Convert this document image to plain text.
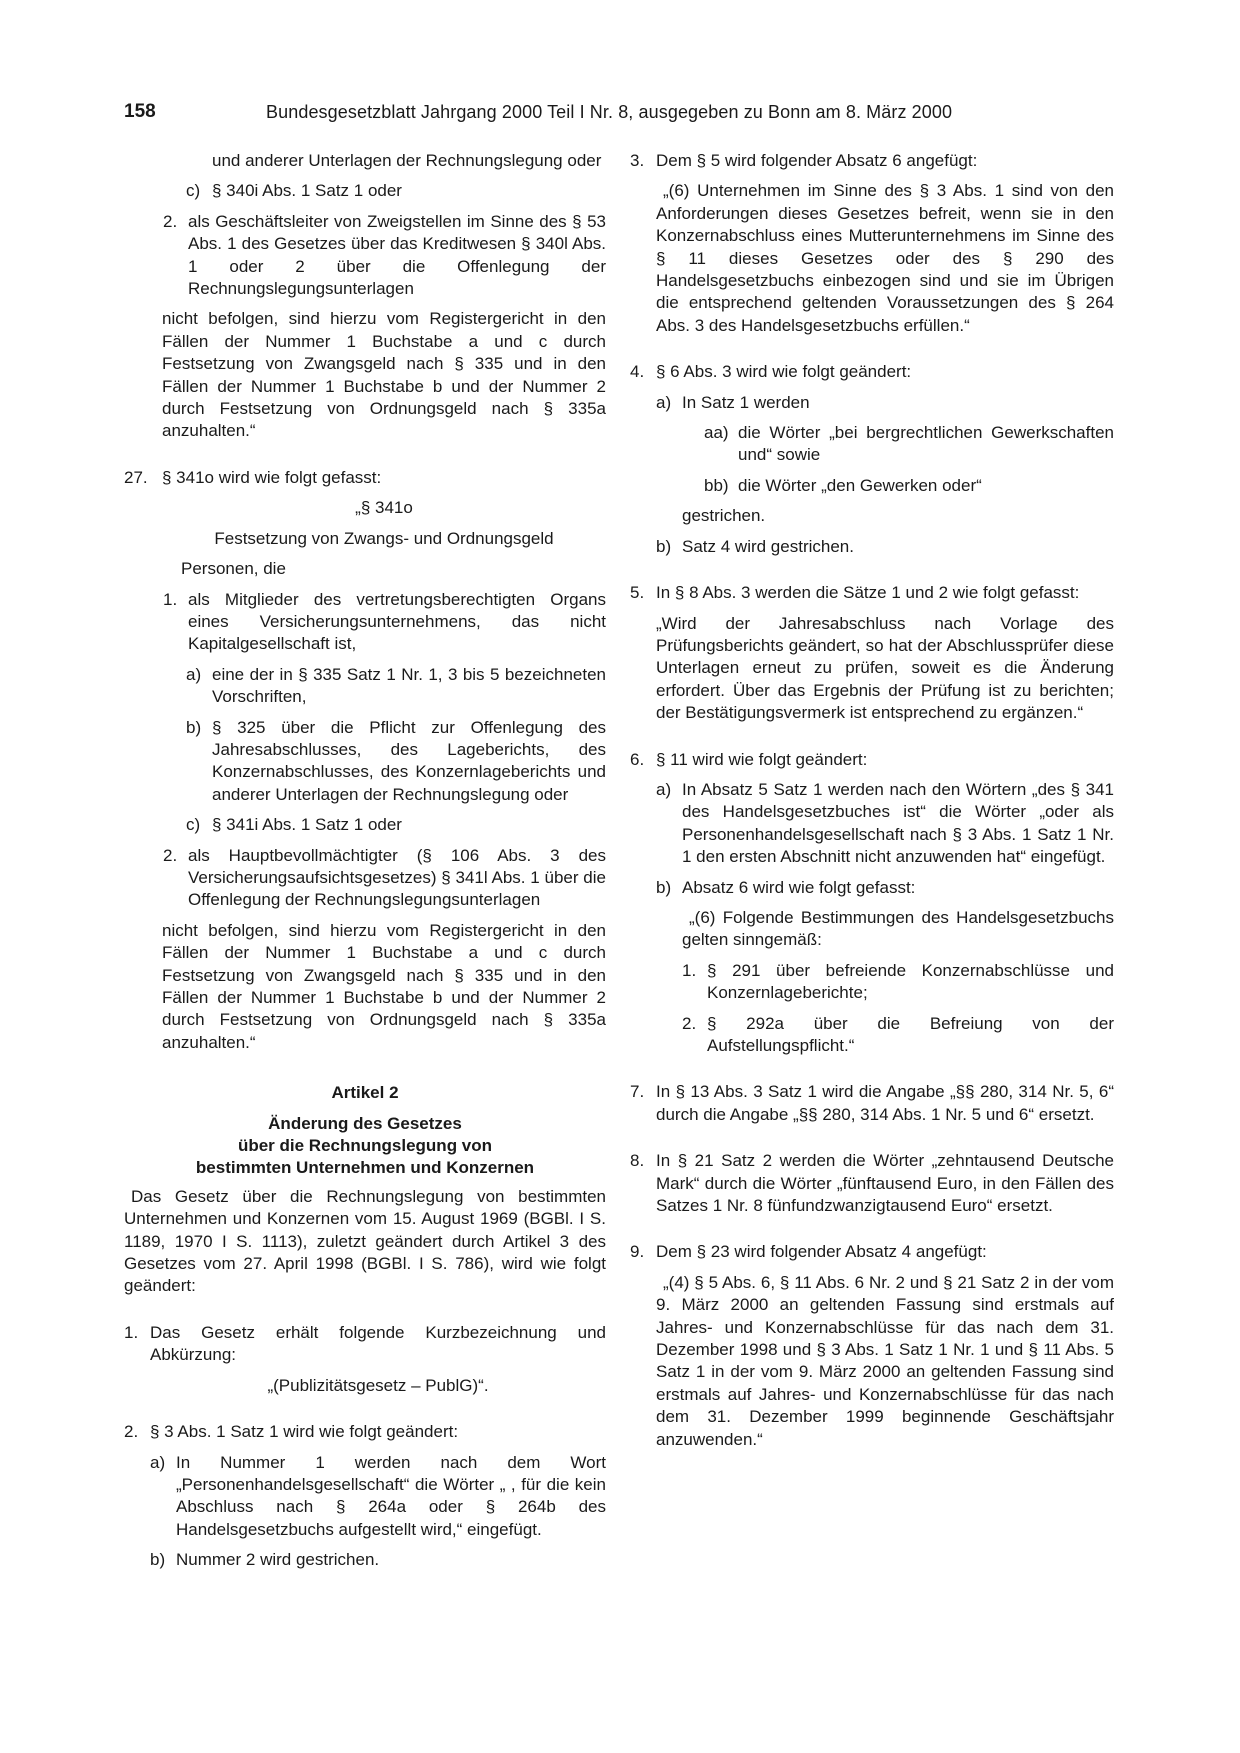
158	Bundesgesetzblatt Jahrgang 2000 Teil I Nr. 8, ausgegeben zu Bonn am 8. März 2000
und anderer Unterlagen der Rechnungslegung oder
c) § 340i Abs. 1 Satz 1 oder
2. als Geschäftsleiter von Zweigstellen im Sinne des § 53 Abs. 1 des Gesetzes über das Kreditwesen § 340l Abs. 1 oder 2 über die Offenlegung der Rechnungslegungsunterlagen
nicht befolgen, sind hierzu vom Registergericht in den Fällen der Nummer 1 Buchstabe a und c durch Festsetzung von Zwangsgeld nach § 335 und in den Fällen der Nummer 1 Buchstabe b und der Nummer 2 durch Festsetzung von Ordnungsgeld nach § 335a anzuhalten.“
27. § 341o wird wie folgt gefasst:
„§ 341o
Festsetzung von Zwangs- und Ordnungsgeld
Personen, die
1. als Mitglieder des vertretungsberechtigten Organs eines Versicherungsunternehmens, das nicht Kapitalgesellschaft ist,
a) eine der in § 335 Satz 1 Nr. 1, 3 bis 5 bezeichneten Vorschriften,
b) § 325 über die Pflicht zur Offenlegung des Jahresabschlusses, des Lageberichts, des Konzernabschlusses, des Konzernlageberichts und anderer Unterlagen der Rechnungslegung oder
c) § 341i Abs. 1 Satz 1 oder
2. als Hauptbevollmächtigter (§ 106 Abs. 3 des Versicherungsaufsichtsgesetzes) § 341l Abs. 1 über die Offenlegung der Rechnungslegungsunterlagen
nicht befolgen, sind hierzu vom Registergericht in den Fällen der Nummer 1 Buchstabe a und c durch Festsetzung von Zwangsgeld nach § 335 und in den Fällen der Nummer 1 Buchstabe b und der Nummer 2 durch Festsetzung von Ordnungsgeld nach § 335a anzuhalten.“
Artikel 2
Änderung des Gesetzes
über die Rechnungslegung von
bestimmten Unternehmen und Konzernen
Das Gesetz über die Rechnungslegung von bestimmten Unternehmen und Konzernen vom 15. August 1969 (BGBl. I S. 1189, 1970 I S. 1113), zuletzt geändert durch Artikel 3 des Gesetzes vom 27. April 1998 (BGBl. I S. 786), wird wie folgt geändert:
1. Das Gesetz erhält folgende Kurzbezeichnung und Abkürzung:
„(Publizitätsgesetz – PublG)“.
2. § 3 Abs. 1 Satz 1 wird wie folgt geändert:
a) In Nummer 1 werden nach dem Wort „Personenhandelsgesellschaft“ die Wörter „ , für die kein Abschluss nach § 264a oder § 264b des Handelsgesetzbuchs aufgestellt wird,“ eingefügt.
b) Nummer 2 wird gestrichen.
3. Dem § 5 wird folgender Absatz 6 angefügt:
„(6) Unternehmen im Sinne des § 3 Abs. 1 sind von den Anforderungen dieses Gesetzes befreit, wenn sie in den Konzernabschluss eines Mutterunternehmens im Sinne des § 11 dieses Gesetzes oder des § 290 des Handelsgesetzbuchs einbezogen sind und sie im Übrigen die entsprechend geltenden Voraussetzungen des § 264 Abs. 3 des Handelsgesetzbuchs erfüllen.“
4. § 6 Abs. 3 wird wie folgt geändert:
a) In Satz 1 werden
aa) die Wörter „bei bergrechtlichen Gewerkschaften und“ sowie
bb) die Wörter „den Gewerken oder“
gestrichen.
b) Satz 4 wird gestrichen.
5. In § 8 Abs. 3 werden die Sätze 1 und 2 wie folgt gefasst:
„Wird der Jahresabschluss nach Vorlage des Prüfungsberichts geändert, so hat der Abschlussprüfer diese Unterlagen erneut zu prüfen, soweit es die Änderung erfordert. Über das Ergebnis der Prüfung ist zu berichten; der Bestätigungsvermerk ist entsprechend zu ergänzen.“
6. § 11 wird wie folgt geändert:
a) In Absatz 5 Satz 1 werden nach den Wörtern „des § 341 des Handelsgesetzbuches ist“ die Wörter „oder als Personenhandelsgesellschaft nach § 3 Abs. 1 Satz 1 Nr. 1 den ersten Abschnitt nicht anzuwenden hat“ eingefügt.
b) Absatz 6 wird wie folgt gefasst:
„(6) Folgende Bestimmungen des Handelsgesetzbuchs gelten sinngemäß:
1. § 291 über befreiende Konzernabschlüsse und Konzernlageberichte;
2. § 292a über die Befreiung von der Aufstellungspflicht.“
7. In § 13 Abs. 3 Satz 1 wird die Angabe „§§ 280, 314 Nr. 5, 6“ durch die Angabe „§§ 280, 314 Abs. 1 Nr. 5 und 6“ ersetzt.
8. In § 21 Satz 2 werden die Wörter „zehntausend Deutsche Mark“ durch die Wörter „fünftausend Euro, in den Fällen des Satzes 1 Nr. 8 fünfundzwanzigtausend Euro“ ersetzt.
9. Dem § 23 wird folgender Absatz 4 angefügt:
„(4) § 5 Abs. 6, § 11 Abs. 6 Nr. 2 und § 21 Satz 2 in der vom 9. März 2000 an geltenden Fassung sind erstmals auf Jahres- und Konzernabschlüsse für das nach dem 31. Dezember 1998 und § 3 Abs. 1 Satz 1 Nr. 1 und § 11 Abs. 5 Satz 1 in der vom 9. März 2000 an geltenden Fassung sind erstmals auf Jahres- und Konzernabschlüsse für das nach dem 31. Dezember 1999 beginnende Geschäftsjahr anzuwenden.“
